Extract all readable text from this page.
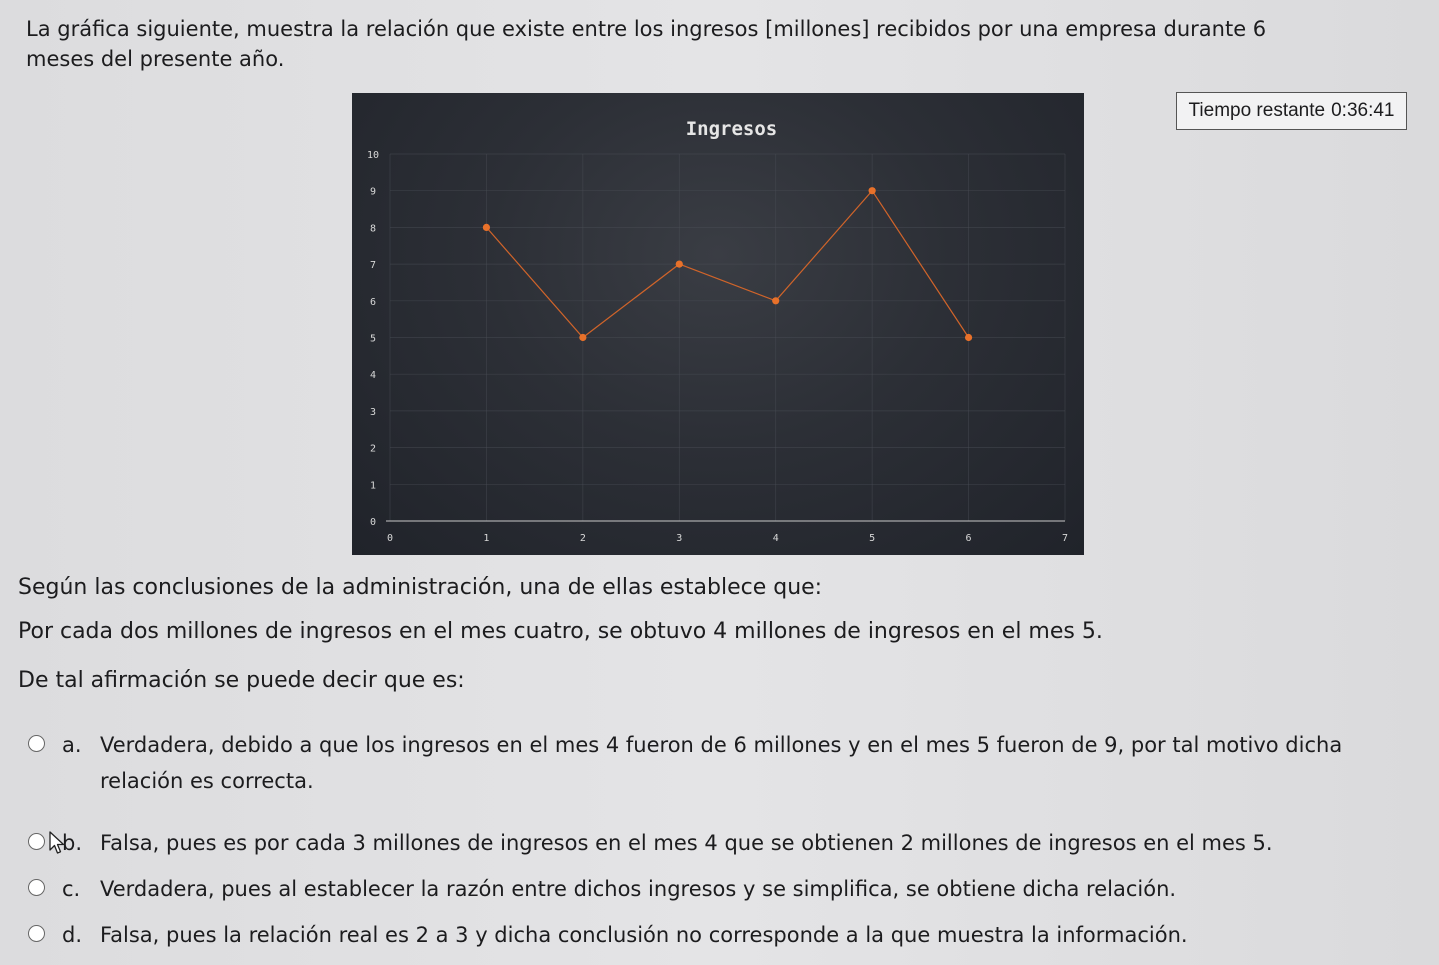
La gráfica siguiente, muestra la relación que existe entre los ingresos [millones] recibidos por una empresa durante 6 meses del presente año.
Tiempo restante 0:36:41
0
1
2
3
4
5
6
7
8
9
10
0	1	2	3	4	5	6	7
Ingresos
Según las conclusiones de la administración, una de ellas establece que:
Por cada dos millones de ingresos en el mes cuatro, se obtuvo 4 millones de ingresos en el mes 5.
De tal afirmación se puede decir que es:
a. Verdadera, debido a que los ingresos en el mes 4 fueron de 6 millones y en el mes 5 fueron de 9, por tal motivo dicha relación es correcta.
b. Falsa, pues es por cada 3 millones de ingresos en el mes 4 que se obtienen 2 millones de ingresos en el mes 5.
c. Verdadera, pues al establecer la razón entre dichos ingresos y se simplifica, se obtiene dicha relación.
d. Falsa, pues la relación real es 2 a 3 y dicha conclusión no corresponde a la que muestra la información.
